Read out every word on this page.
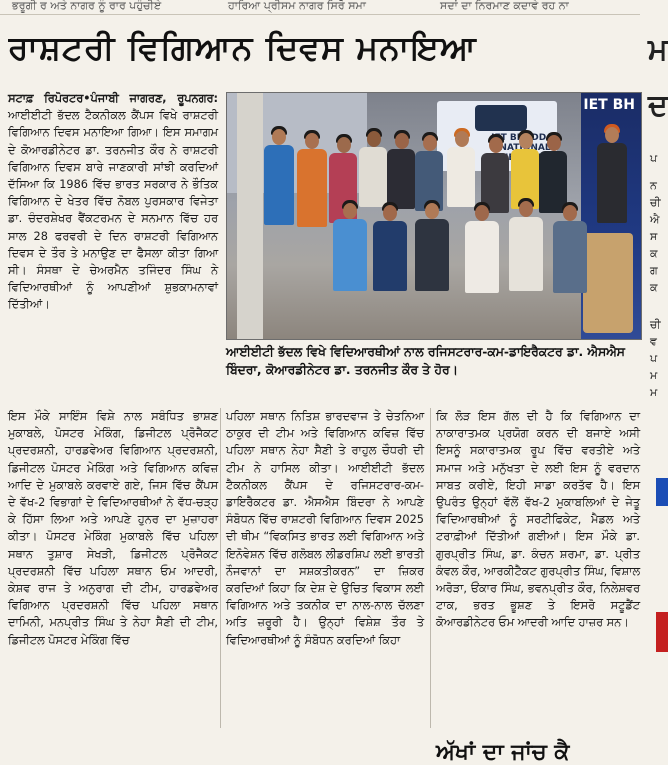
ਭਰੂਗੀ ਰ ਅਤੇ ਨਾਗਰ ਨੂੰ ਰਾਰ ਪਹੁੰਚੀਏ	ਹਾਰਿਆ ਪ੍ਰੀਸਮ ਨਾਗਰ ਸਿਰੋ ਸਮਾ	ਸਦਾਂ ਦਾ ਨਿਰਮਾਣ ਕਦਾਵੇ ਰਹ ਨਾ
ਰਾਸ਼ਟਰੀ ਵਿਗਿਆਨ ਦਿਵਸ ਮਨਾਇਆ

ਸਟਾਫ਼ ਰਿਪੋਰਟਰ•ਪੰਜਾਬੀ ਜਾਗਰਣ, ਰੂਪਨਗਰ: ਆਈਈਟੀ ਭੱਦਲ ਟੈਕਨੀਕਲ ਕੈਂਪਸ ਵਿਖੇ ਰਾਸ਼ਟਰੀ ਵਿਗਿਆਨ ਦਿਵਸ ਮਨਾਇਆ ਗਿਆ। ਇਸ ਸਮਾਗਮ ਦੇ ਕੋਆਰਡੀਨੇਟਰ ਡਾ. ਤਰਨਜੀਤ ਕੌਰ ਨੇ ਰਾਸ਼ਟਰੀ ਵਿਗਿਆਨ ਦਿਵਸ ਬਾਰੇ ਜਾਣਕਾਰੀ ਸਾਂਝੀ ਕਰਦਿਆਂ ਦੱਸਿਆ ਕਿ 1986 ਵਿੱਚ ਭਾਰਤ ਸਰਕਾਰ ਨੇ ਭੌਤਿਕ ਵਿਗਿਆਨ ਦੇ ਖੇਤਰ ਵਿੱਚ ਨੋਬਲ ਪੁਰਸਕਾਰ ਵਿਜੇਤਾ ਡਾ. ਚੰਦਰਸ਼ੇਖਰ ਵੈਂਕਟਰਮਨ ਦੇ ਸਨਮਾਨ ਵਿੱਚ ਹਰ ਸਾਲ 28 ਫਰਵਰੀ ਦੇ ਦਿਨ ਰਾਸ਼ਟਰੀ ਵਿਗਿਆਨ ਦਿਵਸ ਦੇ ਤੌਰ ਤੇ ਮਨਾਉਣ ਦਾ ਫੈਸਲਾ ਕੀਤਾ ਗਿਆ ਸੀ। ਸੰਸਥਾ ਦੇ ਚੇਅਰਮੈਨ ਤਜਿੰਦਰ ਸਿੰਘ ਨੇ ਵਿਦਿਆਰਥੀਆਂ ਨੂੰ ਆਪਣੀਆਂ ਸ਼ੁਭਕਾਮਨਾਵਾਂ ਦਿੱਤੀਆਂ।

ਇਸ ਮੌਕੇ ਸਾਇੰਸ ਵਿਸ਼ੇ ਨਾਲ ਸਬੰਧਿਤ ਭਾਸ਼ਣ ਮੁਕਾਬਲੇ, ਪੋਸਟਰ ਮੇਕਿੰਗ, ਡਿਜੀਟਲ ਪ੍ਰੋਜੈਕਟ ਪ੍ਰਦਰਸ਼ਨੀ, ਹਾਰਡਵੇਅਰ ਵਿਗਿਆਨ ਪ੍ਰਦਰਸ਼ਨੀ, ਡਿਜੀਟਲ ਪੋਸਟਰ ਮੇਕਿੰਗ ਅਤੇ ਵਿਗਿਆਨ ਕਵਿਜ਼ ਆਦਿ ਦੇ ਮੁਕਾਬਲੇ ਕਰਵਾਏ ਗਏ, ਜਿਸ ਵਿੱਚ ਕੈਂਪਸ ਦੇ ਵੱਖ-2 ਵਿਭਾਗਾਂ ਦੇ ਵਿਦਿਆਰਥੀਆਂ ਨੇ ਵੱਧ-ਚੜ੍ਹ ਕੇ ਹਿੱਸਾ ਲਿਆ ਅਤੇ ਆਪਣੇ ਹੁਨਰ ਦਾ ਮੁਜ਼ਾਹਰਾ ਕੀਤਾ। ਪੋਸਟਰ ਮੇਕਿੰਗ ਮੁਕਾਬਲੇ ਵਿੱਚ ਪਹਿਲਾ ਸਥਾਨ ਤੁਸ਼ਾਰ ਸੇਖੜੀ, ਡਿਜੀਟਲ ਪ੍ਰੋਜੈਕਟ ਪ੍ਰਦਰਸ਼ਨੀ ਵਿੱਚ ਪਹਿਲਾ ਸਥਾਨ ਓਮ ਆਦਰੀ, ਕੇਸ਼ਵ ਰਾਜ ਤੇ ਅਨੁਰਾਗ ਦੀ ਟੀਮ, ਹਾਰਡਵੇਅਰ ਵਿਗਿਆਨ ਪ੍ਰਦਰਸ਼ਨੀ ਵਿੱਚ ਪਹਿਲਾ ਸਥਾਨ ਦਾਮਿਨੀ, ਮਨਪ੍ਰੀਤ ਸਿੰਘ ਤੇ ਨੇਹਾ ਸੈਣੀ ਦੀ ਟੀਮ, ਡਿਜੀਟਲ ਪੋਸਟਰ ਮੇਕਿੰਗ ਵਿੱਚ

BHADDAL
IET BH
ਆਈਈਟੀ ਭੱਦਲ ਵਿਖੇ ਵਿਦਿਆਰਥੀਆਂ ਨਾਲ ਰਜਿਸਟਰਾਰ-ਕਮ-ਡਾਇਰੈਕਟਰ ਡਾ. ਐਸਐਸ ਬਿੰਦਰਾ, ਕੋਆਰਡੀਨੇਟਰ ਡਾ. ਤਰਨਜੀਤ ਕੌਰ ਤੇ ਹੋਰ।

ਪਹਿਲਾ ਸਥਾਨ ਨਿਤਿਸ਼ ਭਾਰਦਵਾਜ ਤੇ ਚੇਤਨਿਆ ਠਾਕੁਰ ਦੀ ਟੀਮ ਅਤੇ ਵਿਗਿਆਨ ਕਵਿਜ਼ ਵਿੱਚ ਪਹਿਲਾ ਸਥਾਨ ਨੇਹਾ ਸੈਣੀ ਤੇ ਰਾਹੁਲ ਚੌਧਰੀ ਦੀ ਟੀਮ ਨੇ ਹਾਸਿਲ ਕੀਤਾ। ਆਈਈਟੀ ਭੱਦਲ ਟੈਕਨੀਕਲ ਕੈਂਪਸ ਦੇ ਰਜਿਸਟਰਾਰ-ਕਮ-ਡਾਇਰੈਕਟਰ ਡਾ. ਐਸਐਸ ਬਿੰਦਰਾ ਨੇ ਆਪਣੇ ਸੰਬੋਧਨ ਵਿੱਚ ਰਾਸ਼ਟਰੀ ਵਿਗਿਆਨ ਦਿਵਸ 2025 ਦੀ ਥੀਮ “ਵਿਕਸਿਤ ਭਾਰਤ ਲਈ ਵਿਗਿਆਨ ਅਤੇ ਇਨੋਵੇਸ਼ਨ ਵਿੱਚ ਗਲੋਬਲ ਲੀਡਰਸ਼ਿਪ ਲਈ ਭਾਰਤੀ ਨੌਜਵਾਨਾਂ ਦਾ ਸਸ਼ਕਤੀਕਰਨ” ਦਾ ਜ਼ਿਕਰ ਕਰਦਿਆਂ ਕਿਹਾ ਕਿ ਦੇਸ਼ ਦੇ ਉਚਿਤ ਵਿਕਾਸ ਲਈ ਵਿਗਿਆਨ ਅਤੇ ਤਕਨੀਕ ਦਾ ਨਾਲ-ਨਾਲ ਚੱਲਣਾ ਅਤਿ ਜ਼ਰੂਰੀ ਹੈ। ਉਨ੍ਹਾਂ ਵਿਸ਼ੇਸ਼ ਤੌਰ ਤੇ ਵਿਦਿਆਰਥੀਆਂ ਨੂੰ ਸੰਬੋਧਨ ਕਰਦਿਆਂ ਕਿਹਾ

ਕਿ ਲੋੜ ਇਸ ਗੱਲ ਦੀ ਹੈ ਕਿ ਵਿਗਿਆਨ ਦਾ ਨਾਕਾਰਾਤਮਕ ਪ੍ਰਯੋਗ ਕਰਨ ਦੀ ਬਜਾਏ ਅਸੀ ਇਸਨੂੰ ਸਕਾਰਾਤਮਕ ਰੂਪ ਵਿੱਚ ਵਰਤੀਏ ਅਤੇ ਸਮਾਜ ਅਤੇ ਮਨੁੱਖਤਾ ਦੇ ਲਈ ਇਸ ਨੂੰ ਵਰਦਾਨ ਸਾਬਤ ਕਰੀਏ, ਇਹੀ ਸਾਡਾ ਕਰਤੱਵ ਹੈ। ਇਸ ਉਪਰੰਤ ਉਨ੍ਹਾਂ ਵੱਲੋਂ ਵੱਖ-2 ਮੁਕਾਬਲਿਆਂ ਦੇ ਜੇਤੂ ਵਿਦਿਆਰਥੀਆਂ ਨੂੰ ਸਰਟੀਫਿਕੇਟ, ਮੈਡਲ ਅਤੇ ਟਰਾਫ਼ੀਆਂ ਦਿੱਤੀਆਂ ਗਈਆਂ। ਇਸ ਮੌਕੇ ਡਾ. ਗੁਰਪ੍ਰੀਤ ਸਿੰਘ, ਡਾ. ਕੰਚਨ ਸ਼ਰਮਾ, ਡਾ. ਪ੍ਰੀਤ ਕੰਵਲ ਕੌਰ, ਆਰਕੀਟੈਕਟ ਗੁਰਪ੍ਰੀਤ ਸਿੰਘ, ਵਿਸ਼ਾਲ ਅਰੋੜਾ, ਓਂਕਾਰ ਸਿੰਘ, ਭਵਨਪ੍ਰੀਤ ਕੌਰ, ਨਿਲੇਸ਼ਵਰ ਟਾਕ, ਭਰਤ ਭੂਸ਼ਣ ਤੇ ਇਸਰੋ ਸਟੂਡੈਂਟ ਕੋਆਰਡੀਨੇਟਰ ਓਮ ਆਦਰੀ ਆਦਿ ਹਾਜ਼ਰ ਸਨ।

ਮ
ਦ
ਪ
ਨ
ਚੀ
ਐ
ਸ
ਕ
ਗ
ਕ
ਚੀ
ਵ
ਪ
ਮ
ਮ
ਅੱਖਾਂ ਦਾ ਜਾਂਚ ਕੈ
